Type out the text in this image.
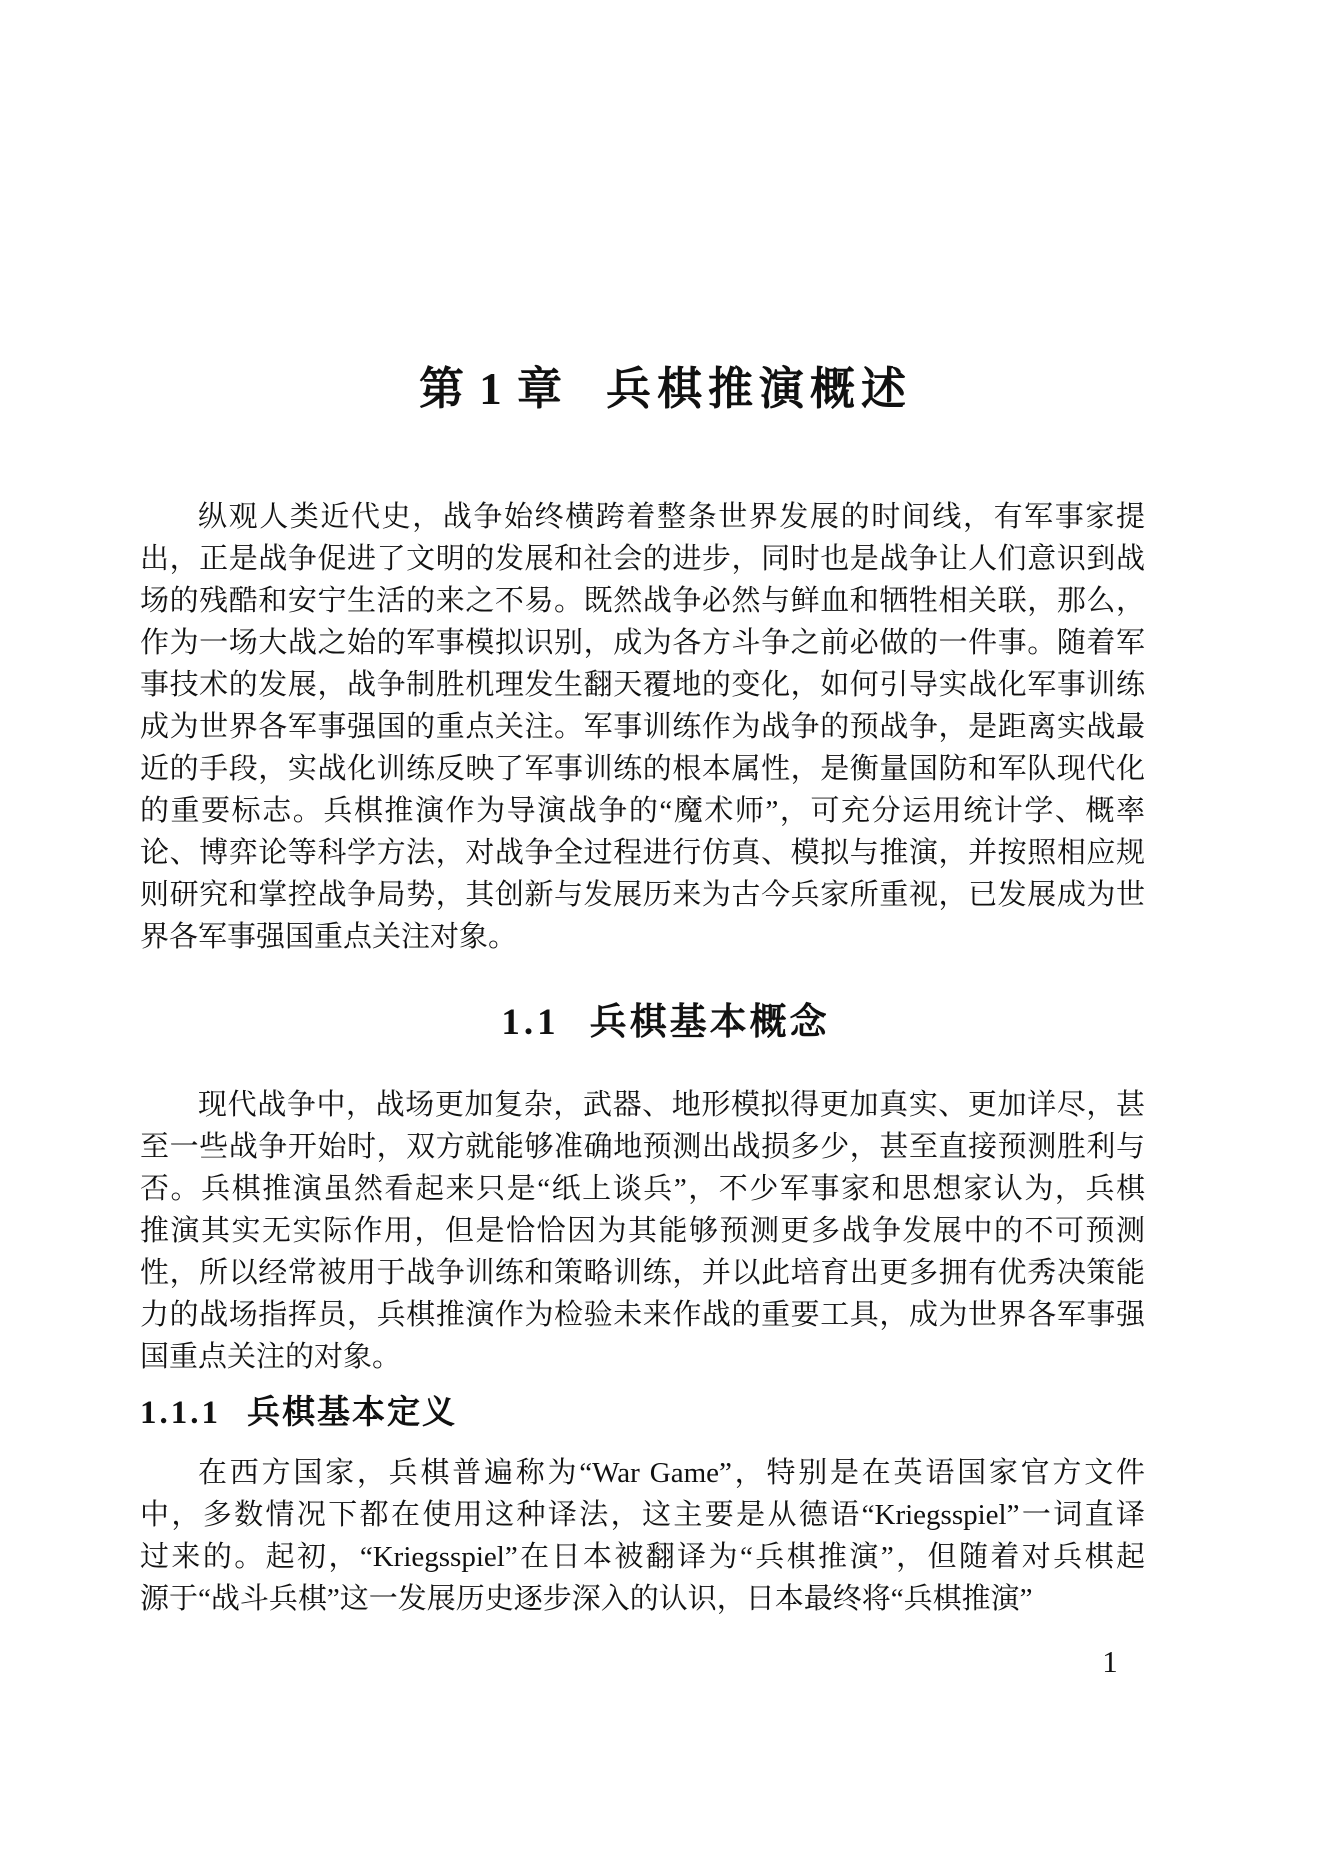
第 1 章 兵棋推演概述
纵观人类近代史，战争始终横跨着整条世界发展的时间线，有军事家提
出，正是战争促进了文明的发展和社会的进步，同时也是战争让人们意识到战
场的残酷和安宁生活的来之不易。既然战争必然与鲜血和牺牲相关联，那么，
作为一场大战之始的军事模拟识别，成为各方斗争之前必做的一件事。随着军
事技术的发展，战争制胜机理发生翻天覆地的变化，如何引导实战化军事训练
成为世界各军事强国的重点关注。军事训练作为战争的预战争，是距离实战最
近的手段，实战化训练反映了军事训练的根本属性，是衡量国防和军队现代化
的重要标志。兵棋推演作为导演战争的“魔术师”，可充分运用统计学、概率
论、博弈论等科学方法，对战争全过程进行仿真、模拟与推演，并按照相应规
则研究和掌控战争局势，其创新与发展历来为古今兵家所重视，已发展成为世
界各军事强国重点关注对象。
1.1 兵棋基本概念
现代战争中，战场更加复杂，武器、地形模拟得更加真实、更加详尽，甚
至一些战争开始时，双方就能够准确地预测出战损多少，甚至直接预测胜利与
否。兵棋推演虽然看起来只是“纸上谈兵”，不少军事家和思想家认为，兵棋
推演其实无实际作用，但是恰恰因为其能够预测更多战争发展中的不可预测
性，所以经常被用于战争训练和策略训练，并以此培育出更多拥有优秀决策能
力的战场指挥员，兵棋推演作为检验未来作战的重要工具，成为世界各军事强
国重点关注的对象。
1.1.1 兵棋基本定义
在西方国家，兵棋普遍称为“War Game”，特别是在英语国家官方文件
中，多数情况下都在使用这种译法，这主要是从德语“Kriegsspiel”一词直译
过来的。起初，“Kriegsspiel”在日本被翻译为“兵棋推演”，但随着对兵棋起
源于“战斗兵棋”这一发展历史逐步深入的认识，日本最终将“兵棋推演”
1
